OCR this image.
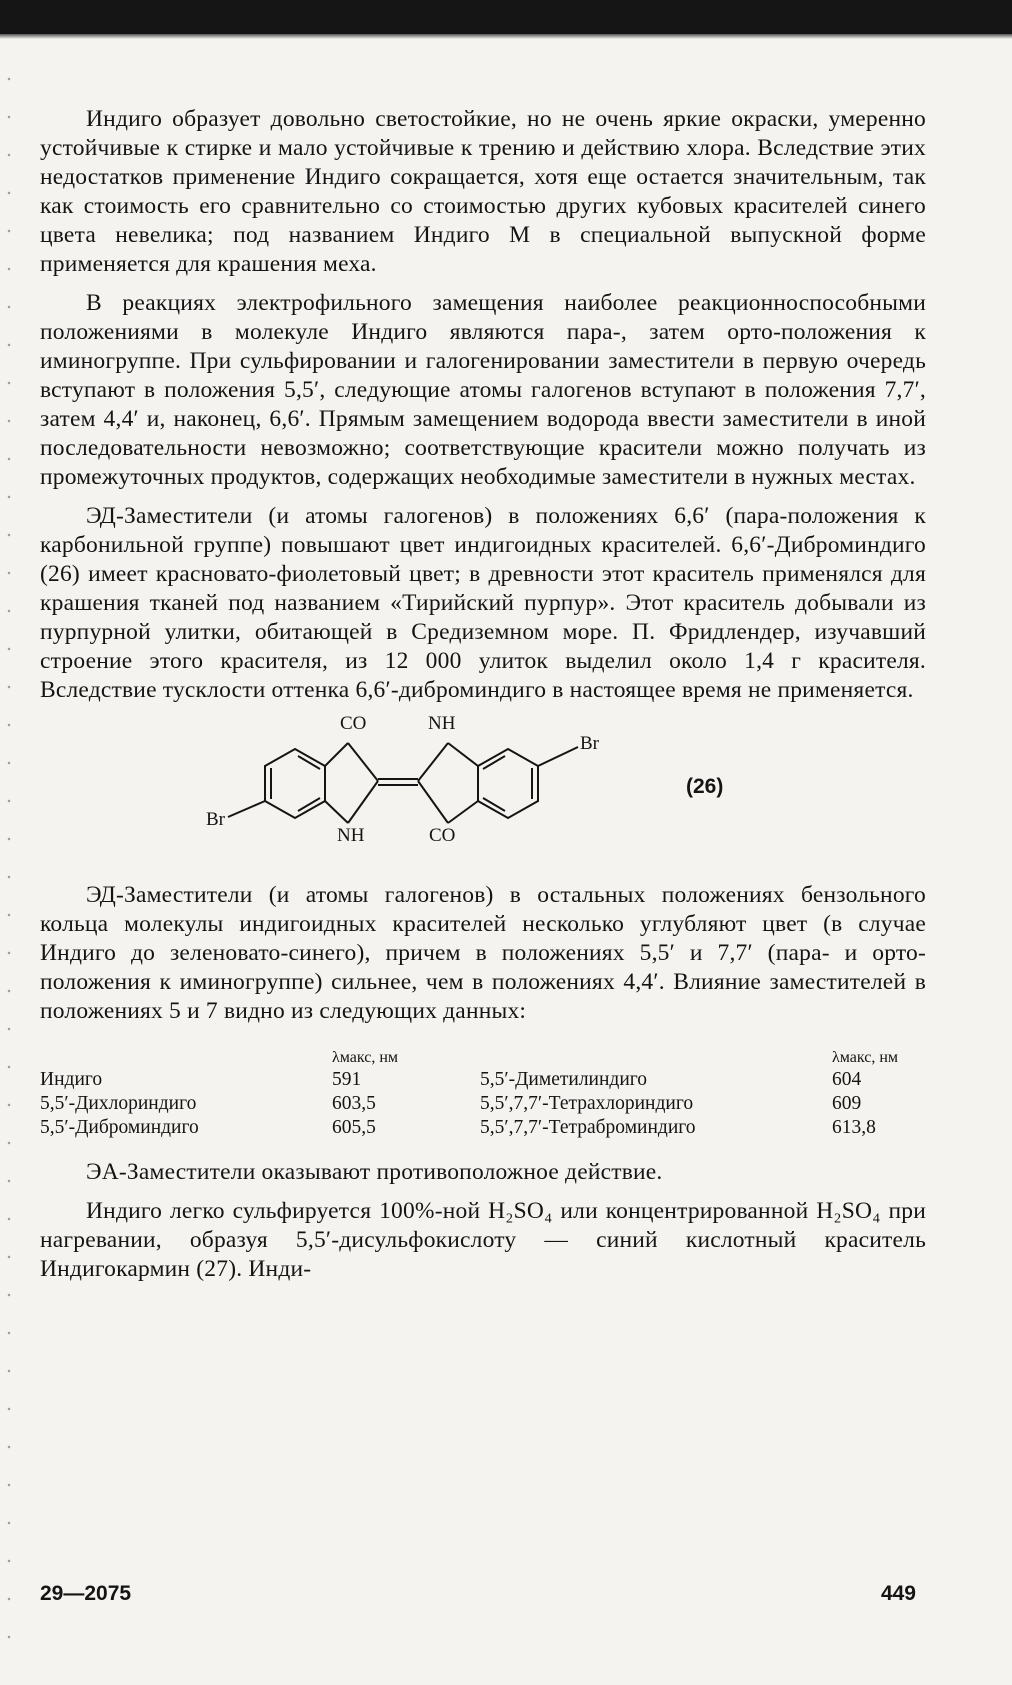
Индиго образует довольно светостойкие, но не очень яркие окраски, умеренно устойчивые к стирке и мало устойчивые к трению и действию хлора. Вследствие этих недостатков применение Индиго сокращается, хотя еще остается значительным, так как стоимость его сравнительно со стоимостью других кубовых красителей синего цвета невелика; под названием Индиго М в специальной выпускной форме применяется для крашения меха.

В реакциях электрофильного замещения наиболее реакционноспособными положениями в молекуле Индиго являются пара-, затем орто-положения к иминогруппе. При сульфировании и галогенировании заместители в первую очередь вступают в положения 5,5′, следующие атомы галогенов вступают в положения 7,7′, затем 4,4′ и, наконец, 6,6′. Прямым замещением водорода ввести заместители в иной последовательности невозможно; соответствующие красители можно получать из промежуточных продуктов, содержащих необходимые заместители в нужных местах.

ЭД-Заместители (и атомы галогенов) в положениях 6,6′ (пара-положения к карбонильной группе) повышают цвет индигоидных красителей. 6,6′-Диброминдиго (26) имеет красновато-фиолетовый цвет; в древности этот краситель применялся для крашения тканей под названием «Тирийский пурпур». Этот краситель добывали из пурпурной улитки, обитающей в Средиземном море. П. Фридлендер, изучавший строение этого красителя, из 12 000 улиток выделил около 1,4 г красителя. Вследствие тусклости оттенка 6,6′-диброминдиго в настоящее время не применяется.

CO	NH
Br
Br
NH	CO
(26)

ЭД-Заместители (и атомы галогенов) в остальных положениях бензольного кольца молекулы индигоидных красителей несколько углубляют цвет (в случае Индиго до зеленовато-синего), причем в положениях 5,5′ и 7,7′ (пара- и орто-положения к иминогруппе) сильнее, чем в положениях 4,4′. Влияние заместителей в положениях 5 и 7 видно из следующих данных:

	λмакс, нм		λмакс, нм
Индиго	591	5,5′-Диметилиндиго	604
5,5′-Дихлориндиго	603,5	5,5′,7,7′-Тетрахлориндиго	609
5,5′-Диброминдиго	605,5	5,5′,7,7′-Тетраброминдиго	613,8

ЭА-Заместители оказывают противоположное действие.

Индиго легко сульфируется 100%-ной H₂SO₄ или концентрированной H₂SO₄ при нагревании, образуя 5,5′-дисульфокислоту — синий кислотный краситель Индигокармин (27). Инди-

29—2075	449
